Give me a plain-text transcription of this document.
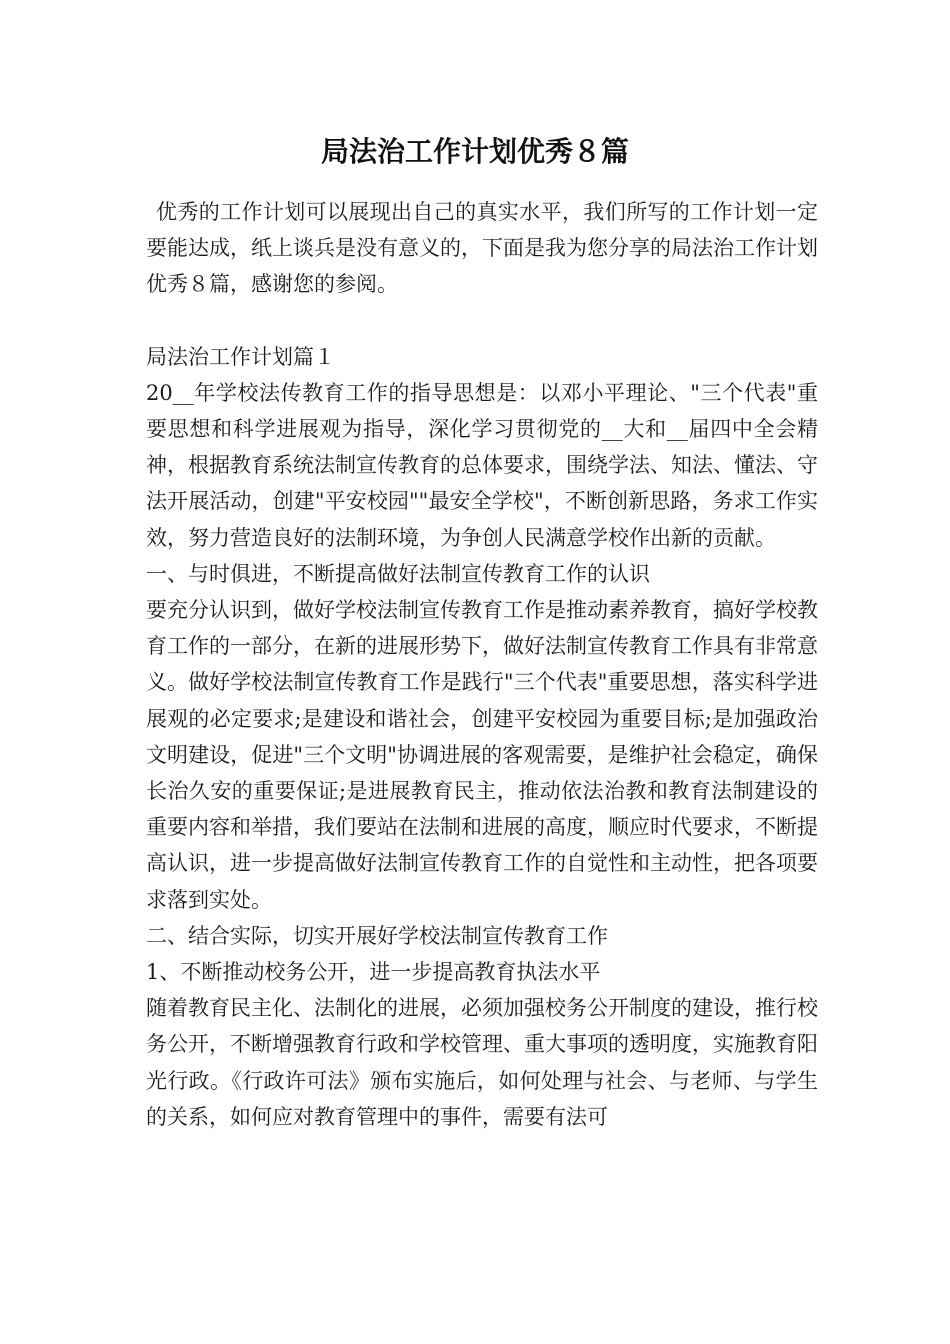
局法治工作计划优秀８篇

优秀的工作计划可以展现出自己的真实水平，我们所写的工作计划一定要能达成，纸上谈兵是没有意义的，下面是我为您分享的局法治工作计划优秀８篇，感谢您的参阅。

局法治工作计划篇１

20__年学校法传教育工作的指导思想是：以邓小平理论、"三个代表"重要思想和科学进展观为指导，深化学习贯彻党的__大和__届四中全会精神，根据教育系统法制宣传教育的总体要求，围绕学法、知法、懂法、守法开展活动，创建"平安校园""最安全学校"，不断创新思路，务求工作实效，努力营造良好的法制环境，为争创人民满意学校作出新的贡献。

一、与时俱进，不断提高做好法制宣传教育工作的认识

要充分认识到，做好学校法制宣传教育工作是推动素养教育，搞好学校教育工作的一部分，在新的进展形势下，做好法制宣传教育工作具有非常意义。做好学校法制宣传教育工作是践行"三个代表"重要思想，落实科学进展观的必定要求;是建设和谐社会，创建平安校园为重要目标;是加强政治文明建设，促进"三个文明"协调进展的客观需要，是维护社会稳定，确保长治久安的重要保证;是进展教育民主，推动依法治教和教育法制建设的重要内容和举措，我们要站在法制和进展的高度，顺应时代要求，不断提高认识，进一步提高做好法制宣传教育工作的自觉性和主动性，把各项要求落到实处。

二、结合实际，切实开展好学校法制宣传教育工作

1、不断推动校务公开，进一步提高教育执法水平

随着教育民主化、法制化的进展，必须加强校务公开制度的建设，推行校务公开，不断增强教育行政和学校管理、重大事项的透明度，实施教育阳光行政。《行政许可法》颁布实施后，如何处理与社会、与老师、与学生的关系，如何应对教育管理中的事件，需要有法可
